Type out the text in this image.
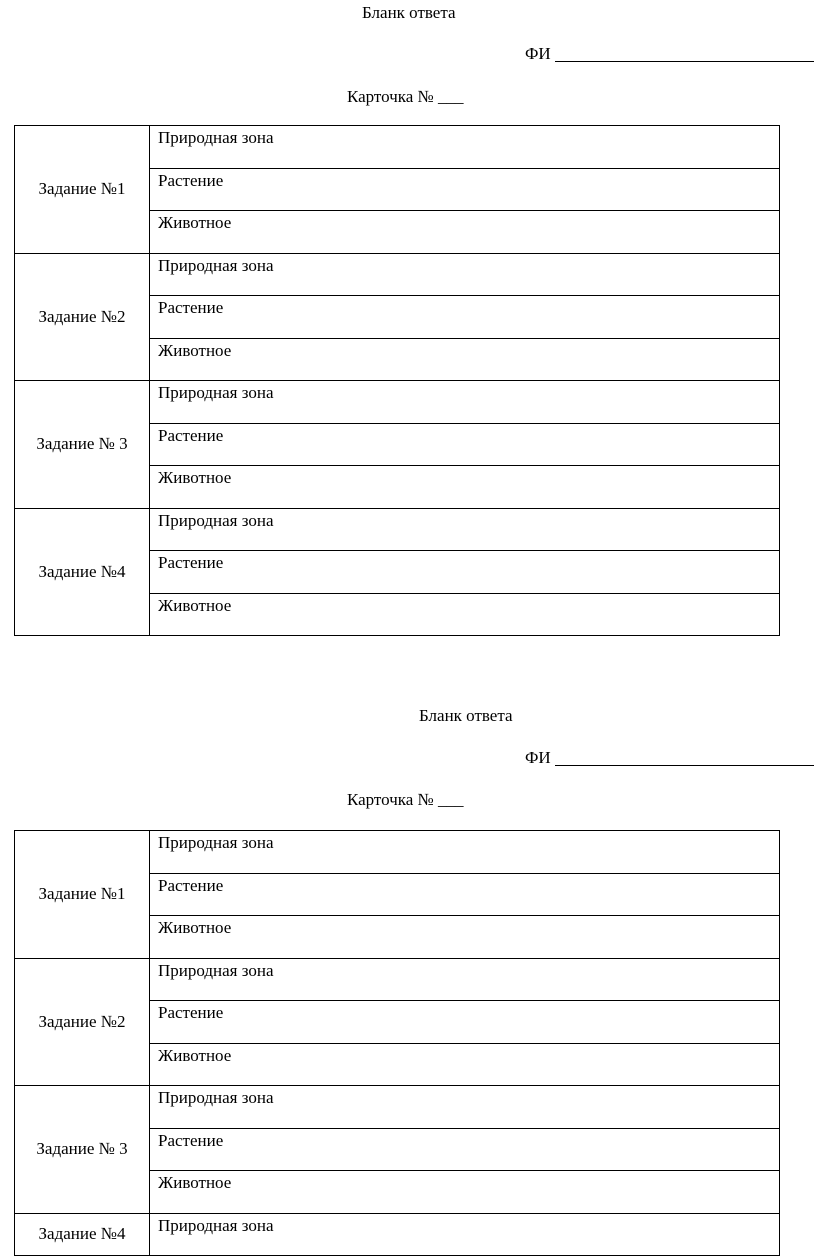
Бланк ответа
ФИ
Карточка № ___
Задание №1	Природная зона

	Растение

	Животное

Задание №2	Природная зона

	Растение

	Животное

Задание № 3	Природная зона

	Растение

	Животное

Задание №4	Природная зона

	Растение

	Животное
Бланк ответа
ФИ
Карточка № ___
Задание №1	Природная зона

	Растение

	Животное

Задание №2	Природная зона

	Растение

	Животное

Задание № 3	Природная зона

	Растение

	Животное

Задание №4	Природная зона
